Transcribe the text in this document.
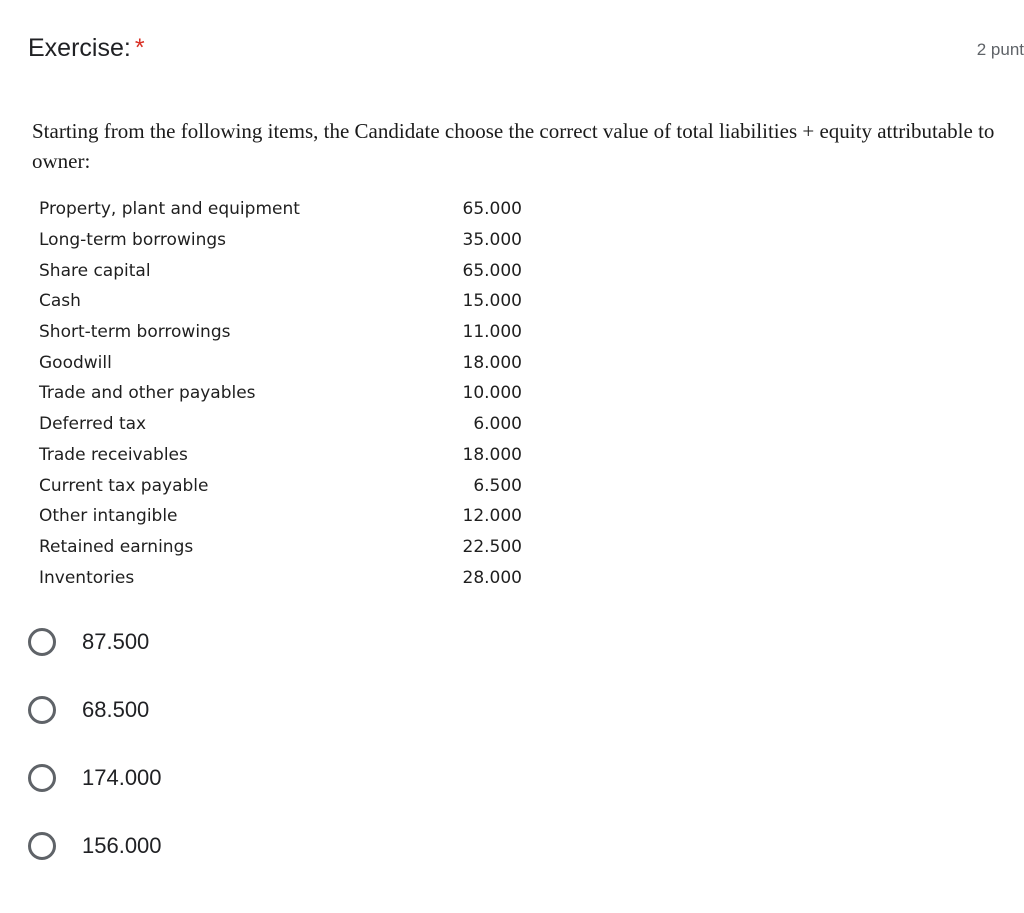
Exercise: *	2 punt
Starting from the following items, the Candidate choose the correct value of total liabilities + equity attributable to owner:
Property, plant and equipment	65.000
Long-term borrowings	35.000
Share capital	65.000
Cash	15.000
Short-term borrowings	11.000
Goodwill	18.000
Trade and other payables	10.000
Deferred tax	6.000
Trade receivables	18.000
Current tax payable	6.500
Other intangible	12.000
Retained earnings	22.500
Inventories	28.000
87.500
68.500
174.000
156.000
